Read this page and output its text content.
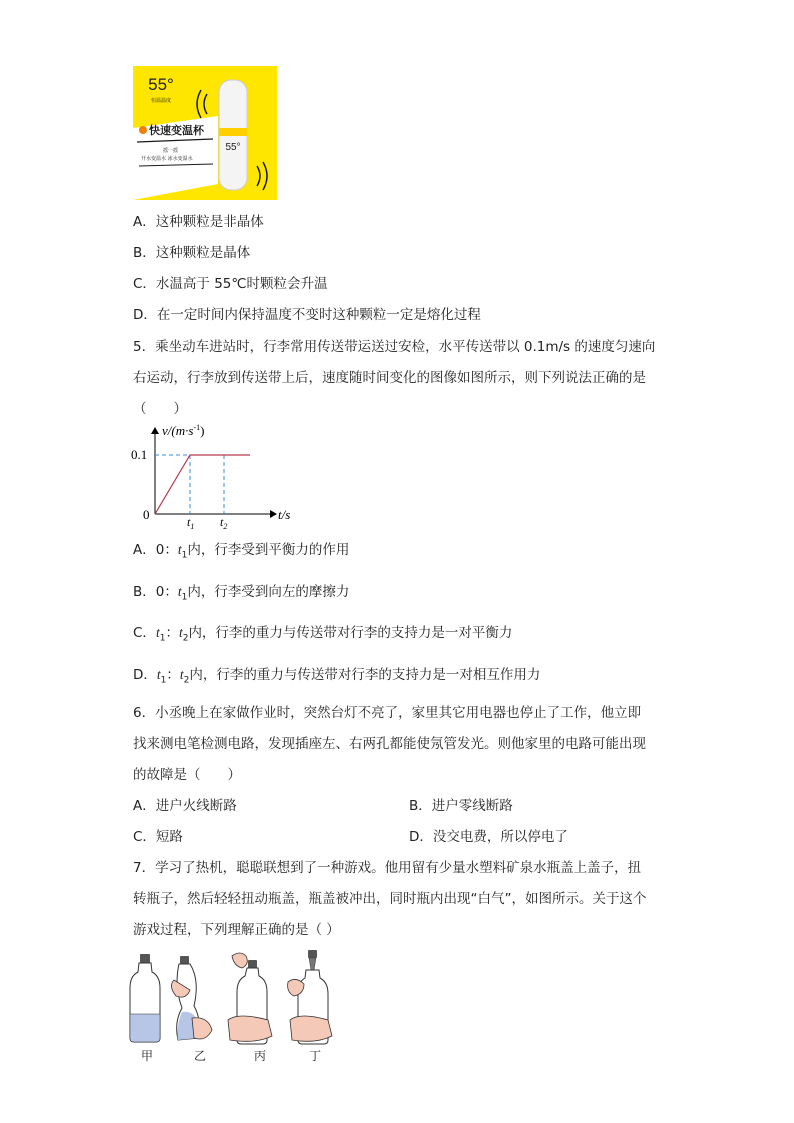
55°
恒温温度
快速变温杯
摇一摇
开水变温水 冰水变温水
55°
A．这种颗粒是非晶体
B．这种颗粒是晶体
C．水温高于 55℃时颗粒会升温
D．在一定时间内保持温度不变时这种颗粒一定是熔化过程
5．乘坐动车进站时，行李常用传送带运送过安检，水平传送带以 0.1m/s 的速度匀速向
右运动，行李放到传送带上后，速度随时间变化的图像如图所示，则下列说法正确的是
（　　）
$v/(m\cdot s^{-1})$
0.1
0	t/s
$t_1$ $t_2$
A．0：$t_1$内，行李受到平衡力的作用
B．0：$t_1$内，行李受到向左的摩擦力
C．$t_1$：$t_2$内，行李的重力与传送带对行李的支持力是一对平衡力
D．$t_1$：$t_2$内，行李的重力与传送带对行李的支持力是一对相互作用力
6．小丞晚上在家做作业时，突然台灯不亮了，家里其它用电器也停止了工作，他立即
找来测电笔检测电路，发现插座左、右两孔都能使氖管发光。则他家里的电路可能出现
的故障是（　　）
A．进户火线断路	B．进户零线断路
C．短路	D．没交电费，所以停电了
7．学习了热机，聪聪联想到了一种游戏。他用留有少量水塑料矿泉水瓶盖上盖子，扭
转瓶子，然后轻轻扭动瓶盖，瓶盖被冲出，同时瓶内出现“白气”，如图所示。关于这个
游戏过程，下列理解正确的是（ ）
甲	乙	丙	丁
